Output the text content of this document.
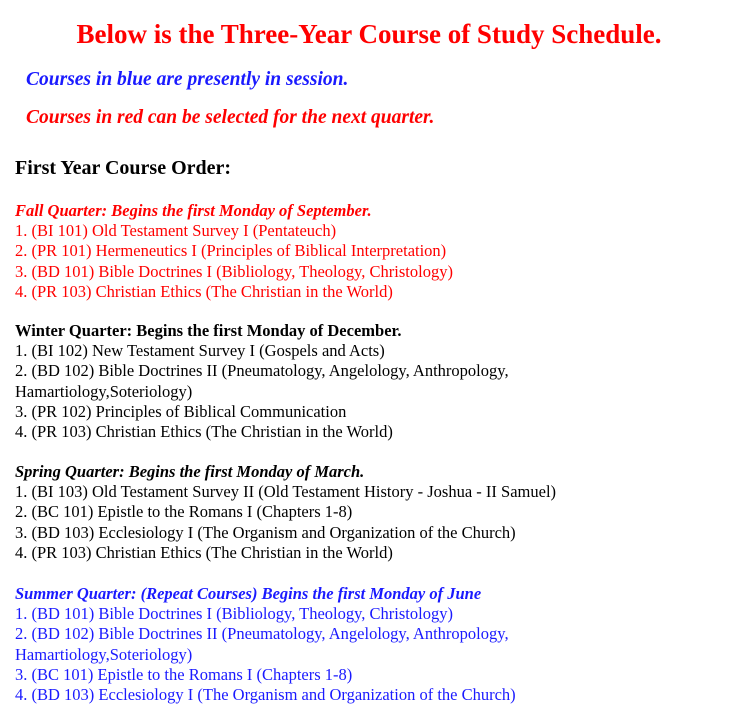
Below is the Three-Year Course of Study Schedule.
Courses in blue are presently in session.
Courses in red can be selected for the next quarter.
First Year Course Order:
Fall Quarter: Begins the first Monday of September.
1. (BI 101) Old Testament Survey I (Pentateuch)
2. (PR 101) Hermeneutics I (Principles of Biblical Interpretation)
3. (BD 101) Bible Doctrines I (Bibliology, Theology, Christology)
4. (PR 103) Christian Ethics (The Christian in the World)
Winter Quarter: Begins the first Monday of December.
1. (BI 102) New Testament Survey I (Gospels and Acts)
2. (BD 102) Bible Doctrines II (Pneumatology, Angelology, Anthropology,
Hamartiology,Soteriology)
3. (PR 102) Principles of Biblical Communication
4. (PR 103) Christian Ethics (The Christian in the World)
Spring Quarter: Begins the first Monday of March.
1. (BI 103) Old Testament Survey II (Old Testament History - Joshua - II Samuel)
2. (BC 101) Epistle to the Romans I (Chapters 1-8)
3. (BD 103) Ecclesiology I (The Organism and Organization of the Church)
4. (PR 103) Christian Ethics (The Christian in the World)
Summer Quarter: (Repeat Courses) Begins the first Monday of June
1. (BD 101) Bible Doctrines I (Bibliology, Theology, Christology)
2. (BD 102) Bible Doctrines II (Pneumatology, Angelology, Anthropology,
Hamartiology,Soteriology)
3. (BC 101) Epistle to the Romans I (Chapters 1-8)
4. (BD 103) Ecclesiology I (The Organism and Organization of the Church)
